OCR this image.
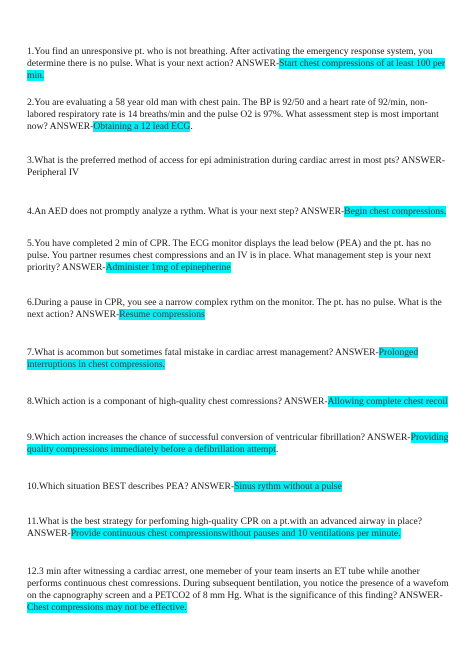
1.You find an unresponsive pt. who is not breathing. After activating the emergency response system, you determine there is no pulse. What is your next action? ANSWER-Start chest compressions of at least 100 per min.

2.You are evaluating a 58 year old man with chest pain. The BP is 92/50 and a heart rate of 92/min, non-labored respiratory rate is 14 breaths/min and the pulse O2 is 97%. What assessment step is most important now? ANSWER-Obtaining a 12 lead ECG.

3.What is the preferred method of access for epi administration during cardiac arrest in most pts? ANSWER-Peripheral IV

4.An AED does not promptly analyze a rythm. What is your next step? ANSWER-Begin chest compressions.

5.You have completed 2 min of CPR. The ECG monitor displays the lead below (PEA) and the pt. has no pulse. You partner resumes chest compressions and an IV is in place. What management step is your next priority? ANSWER-Administer 1mg of epinepherine

6.During a pause in CPR, you see a narrow complex rythm on the monitor. The pt. has no pulse. What is the next action? ANSWER-Resume compressions

7.What is acommon but sometimes fatal mistake in cardiac arrest management? ANSWER-Prolonged interruptions in chest compressions.

8.Which action is a componant of high-quality chest comressions? ANSWER-Allowing complete chest recoil

9.Which action increases the chance of successful conversion of ventricular fibrillation? ANSWER-Providing quality compressions immediately before a defibrillation attempt.

10.Which situation BEST describes PEA? ANSWER-Sinus rythm without a pulse

11.What is the best strategy for perfoming high-quality CPR on a pt.with an advanced airway in place? ANSWER-Provide continuous chest compressionswithout pauses and 10 ventilations per minute.

12.3 min after witnessing a cardiac arrest, one memeber of your team inserts an ET tube while another performs continuous chest comressions. During subsequent bentilation, you notice the presence of a wavefom on the capnography screen and a PETCO2 of 8 mm Hg. What is the significance of this finding? ANSWER-Chest compressions may not be effective.
